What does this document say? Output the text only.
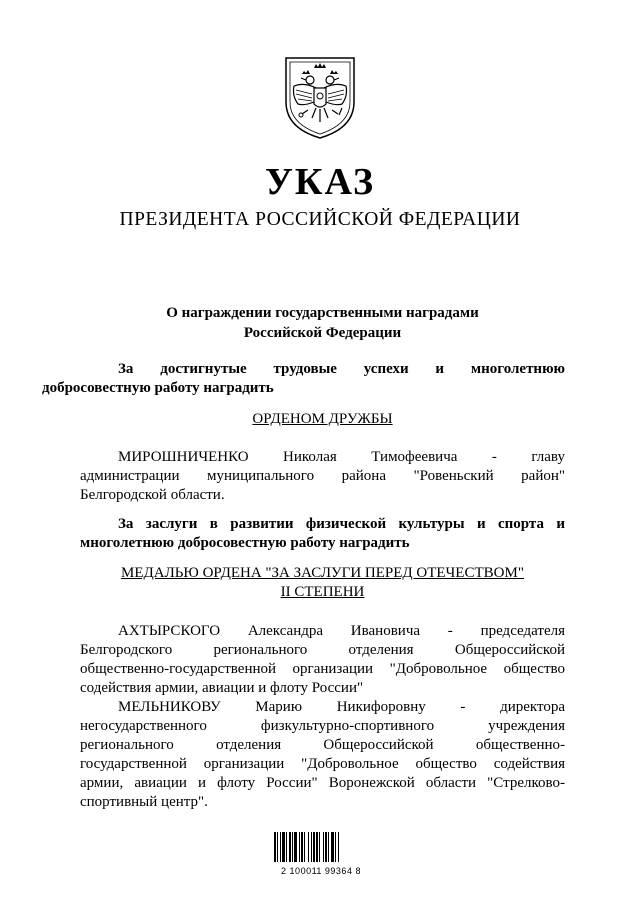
УКАЗ
ПРЕЗИДЕНТА РОССИЙСКОЙ ФЕДЕРАЦИИ
О награждении государственными наградами
Российской Федерации
За достигнутые трудовые успехи и многолетнюю
добросовестную работу наградить
ОРДЕНОМ ДРУЖБЫ
МИРОШНИЧЕНКО Николая Тимофеевича - главу
администрации муниципального района "Ровеньский район"
Белгородской области.
За заслуги в развитии физической культуры и спорта и
многолетнюю добросовестную работу наградить
МЕДАЛЬЮ ОРДЕНА "ЗА ЗАСЛУГИ ПЕРЕД ОТЕЧЕСТВОМ"
II СТЕПЕНИ
АХТЫРСКОГО Александра Ивановича - председателя
Белгородского регионального отделения Общероссийской
общественно-государственной организации "Добровольное общество
содействия армии, авиации и флоту России"
МЕЛЬНИКОВУ Марию Никифоровну - директора
негосударственного физкультурно-спортивного учреждения
регионального отделения Общероссийской общественно-
государственной организации "Добровольное общество содействия
армии, авиации и флоту России" Воронежской области "Стрелково-
спортивный центр".
2 100011 99364 8
